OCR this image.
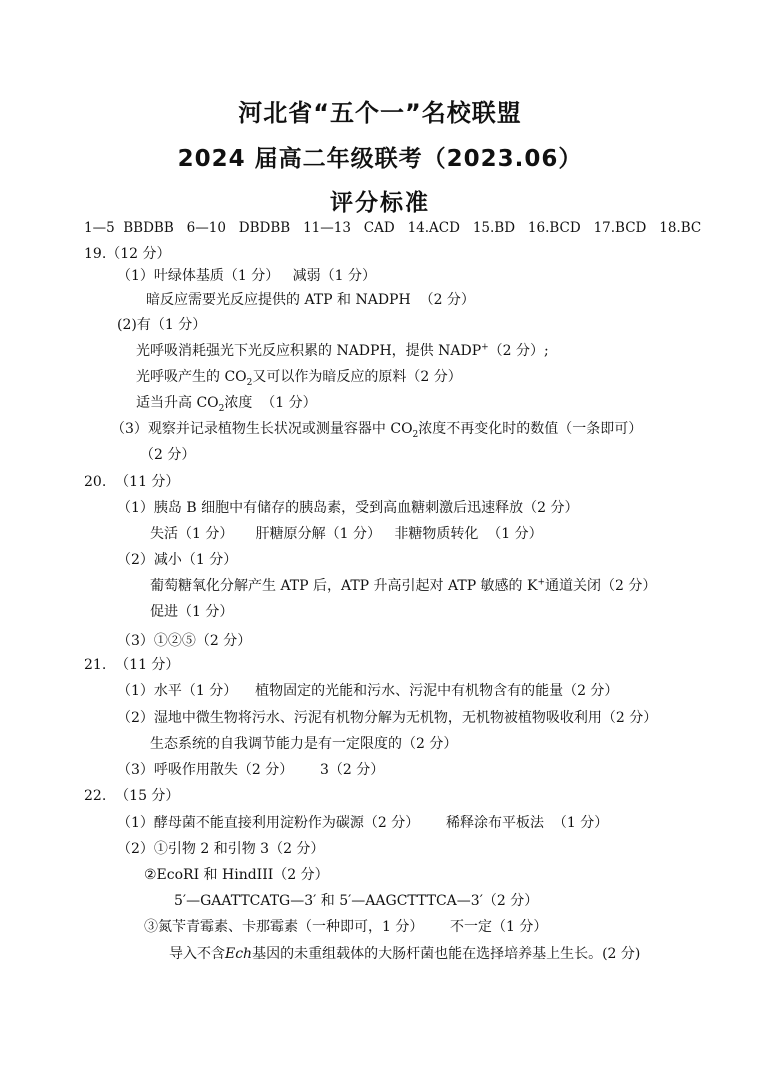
河北省“五个一”名校联盟
2024 届高二年级联考（2023.06）
评分标准
1—5  BBDBB   6—10   DBDBB   11—13   CAD   14.ACD   15.BD   16.BCD   17.BCD   18.BC
19.（12 分）
（1）叶绿体基质（1 分）   减弱（1 分）
暗反应需要光反应提供的 ATP 和 NADPH  （2 分）
(2)有（1 分）
光呼吸消耗强光下光反应积累的 NADPH，提供 NADP+（2 分）;
光呼吸产生的 $CO_2$又可以作为暗反应的原料（2 分）
适当升高 $CO_2$浓度  （1 分）
（3）观察并记录植物生长状况或测量容器中 $CO_2$浓度不再变化时的数值（一条即可）
（2 分）
20.  （11 分）
（1）胰岛 B 细胞中有储存的胰岛素，受到高血糖刺激后迅速释放（2 分）
失活（1 分）     肝糖原分解（1 分）   非糖物质转化  （1 分）
（2）减小（1 分）
葡萄糖氧化分解产生 ATP 后，ATP 升高引起对 ATP 敏感的 K+通道关闭（2 分）
促进（1 分）
（3）①②⑤（2 分）
21.  （11 分）
（1）水平（1 分）    植物固定的光能和污水、污泥中有机物含有的能量（2 分）
（2）湿地中微生物将污水、污泥有机物分解为无机物，无机物被植物吸收利用（2 分）
生态系统的自我调节能力是有一定限度的（2 分）
（3）呼吸作用散失（2 分）      3（2 分）
22.  （15 分）
（1）酵母菌不能直接利用淀粉作为碳源（2 分）      稀释涂布平板法  （1 分）
（2）①引物 2 和引物 3（2 分）
②EcoRI 和 HindIII（2 分）
5′—GAATTCATG—3′ 和 5′—AAGCTTTCA—3′（2 分）
③氮苄青霉素、卡那霉素（一种即可，1 分）      不一定（1 分）
导入不含Ech基因的未重组载体的大肠杆菌也能在选择培养基上生长。(2 分)
